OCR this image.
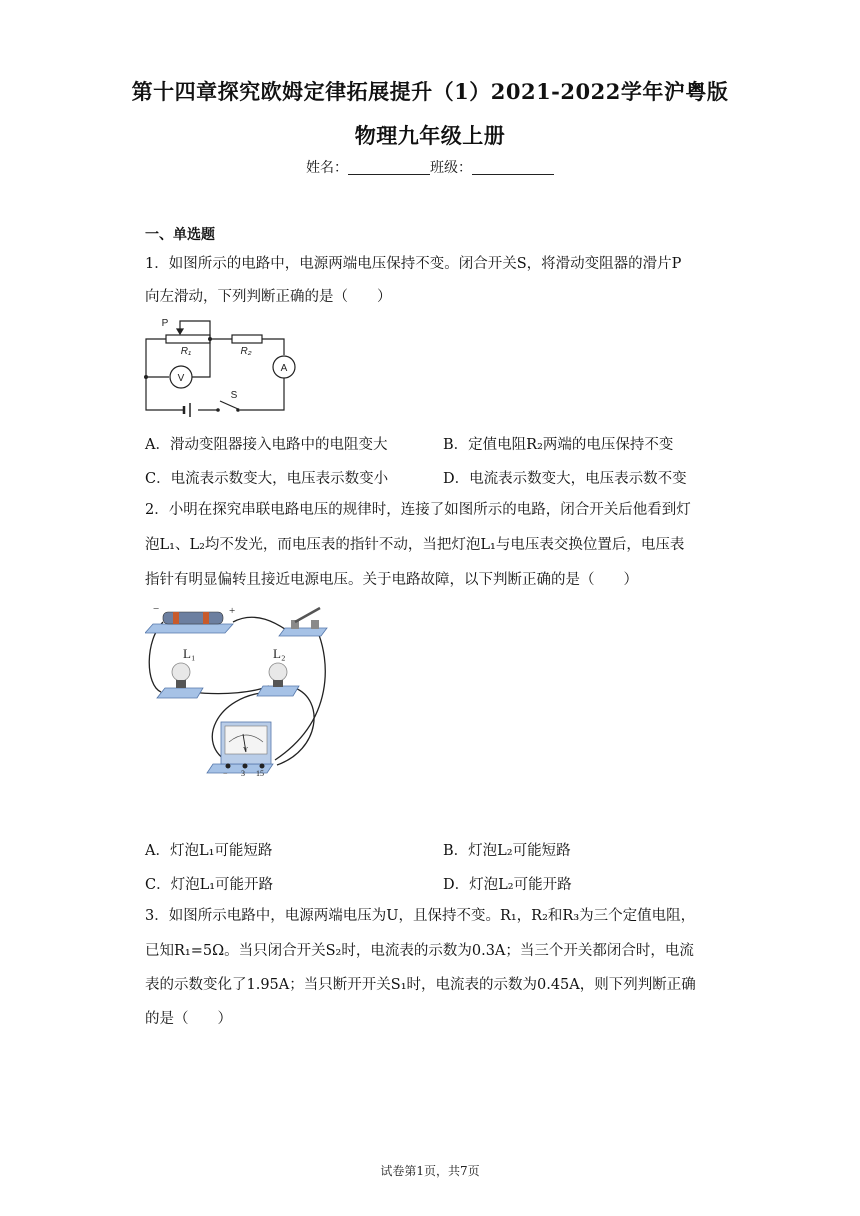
第十四章探究欧姆定律拓展提升（1）2021-2022学年沪粤版
物理九年级上册
姓名：	班级：
一、单选题
1．如图所示的电路中，电源两端电压保持不变。闭合开关S，将滑动变阻器的滑片P
向左滑动，下列判断正确的是（　　）
P
R₁	R₂
V
A
S
A．滑动变阻器接入电路中的电阻变大	B．定值电阻R₂两端的电压保持不变
C．电流表示数变大，电压表示数变小	D．电流表示数变大，电压表示数不变
2．小明在探究串联电路电压的规律时，连接了如图所示的电路，闭合开关后他看到灯
泡L₁、L₂均不发光，而电压表的指针不动，当把灯泡L₁与电压表交换位置后，电压表
指针有明显偏转且接近电源电压。关于电路故障，以下判断正确的是（　　）
−	+
L₁	L₂
V
− 3 15
A．灯泡L₁可能短路	B．灯泡L₂可能短路
C．灯泡L₁可能开路	D．灯泡L₂可能开路
3．如图所示电路中，电源两端电压为U，且保持不变。R₁，R₂和R₃为三个定值电阻，
已知R₁=5Ω。当只闭合开关S₂时，电流表的示数为0.3A；当三个开关都闭合时，电流
表的示数变化了1.95A；当只断开开关S₁时，电流表的示数为0.45A，则下列判断正确
的是（　　）
试卷第1页，共7页
